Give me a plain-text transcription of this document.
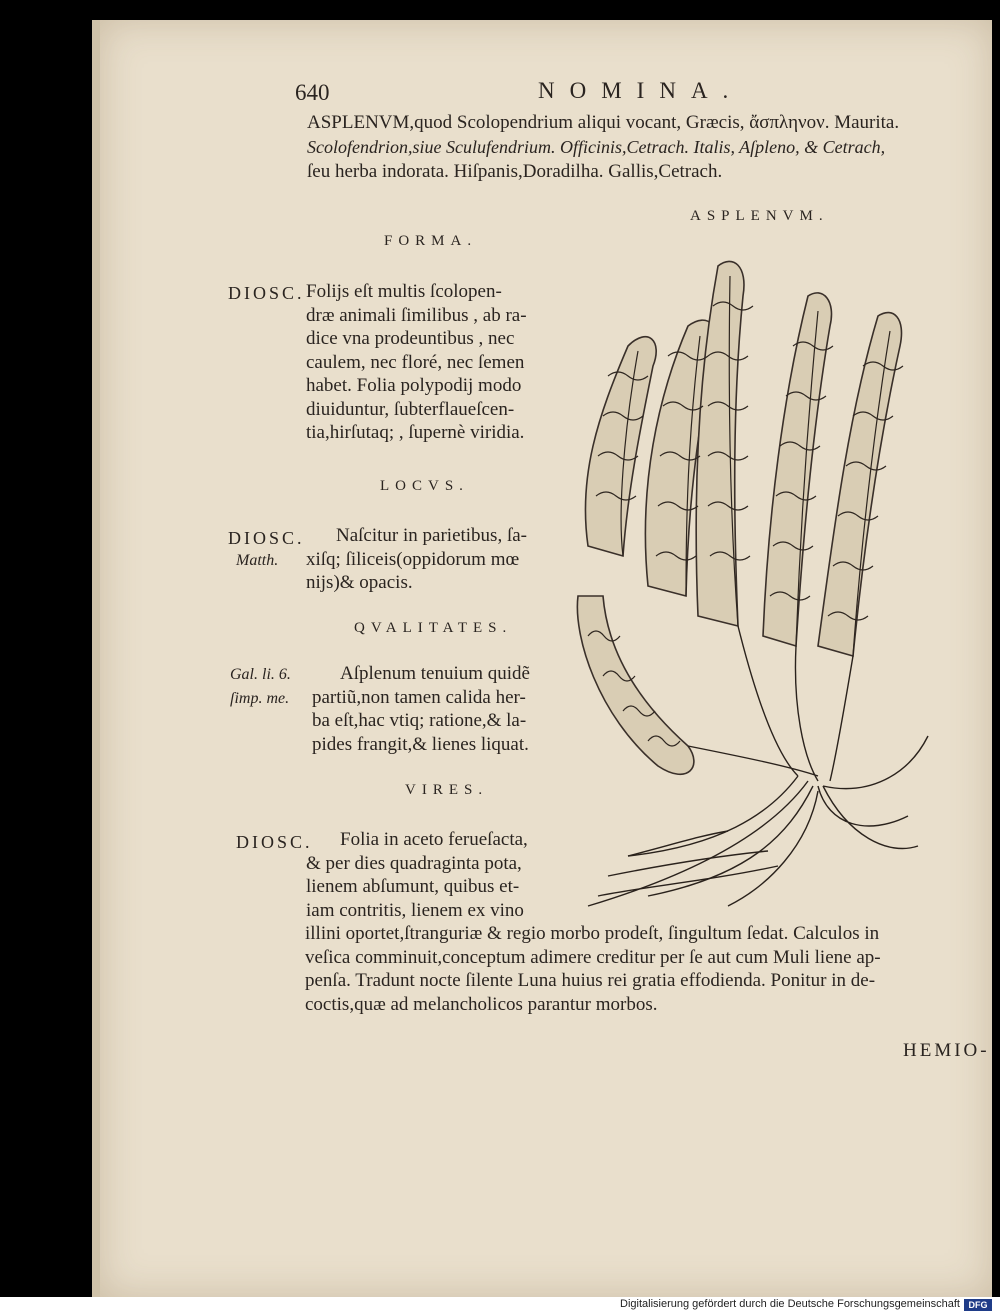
640	NOMINA.
ASPLENVM,quod Scolopendrium aliqui vocant, Græcis, ἄσπληνον. Maurita.
Scolofendrion,siue Sculufendrium. Officinis,Cetrach. Italis, Aſpleno, & Cetrach,
ſeu herba indorata. Hiſpanis,Doradilha. Gallis,Cetrach.
ASPLENVM.
FORMA.
DIOSC. Folijs eſt multis ſcolopen-
dræ animali ſimilibus , ab ra-
dice vna prodeuntibus , nec
caulem, nec floré, nec ſemen
habet. Folia polypodij modo
diuiduntur, ſubterflaueſcen-
tia,hirſutaq; , ſupernè viridia.
LOCVS.
DIOSC.
Matth.
Naſcitur in parietibus, ſa-
xiſq; ſiliceis(oppidorum mœ
nijs)& opacis.
QVALITATES.
Gal. li. 6.
ſimp. me.
Aſplenum tenuium quidẽ
partiũ,non tamen calida her-
ba eſt,hac vtiq; ratione,& la-
pides frangit,& lienes liquat.
VIRES.
DIOSC. Folia in aceto ferueſacta,
& per dies quadraginta pota,
lienem abſumunt, quibus et-
iam contritis, lienem ex vino
illini oportet,ſtranguriæ & regio morbo prodeſt, ſingultum ſedat. Calculos in
veſica comminuit,conceptum adimere creditur per ſe aut cum Muli liene ap-
penſa. Tradunt nocte ſilente Luna huius rei gratia effodienda. Ponitur in de-
coctis,quæ ad melancholicos parantur morbos.
HEMIO-
Digitalisierung gefördert durch die Deutsche Forschungsgemeinschaft DFG
